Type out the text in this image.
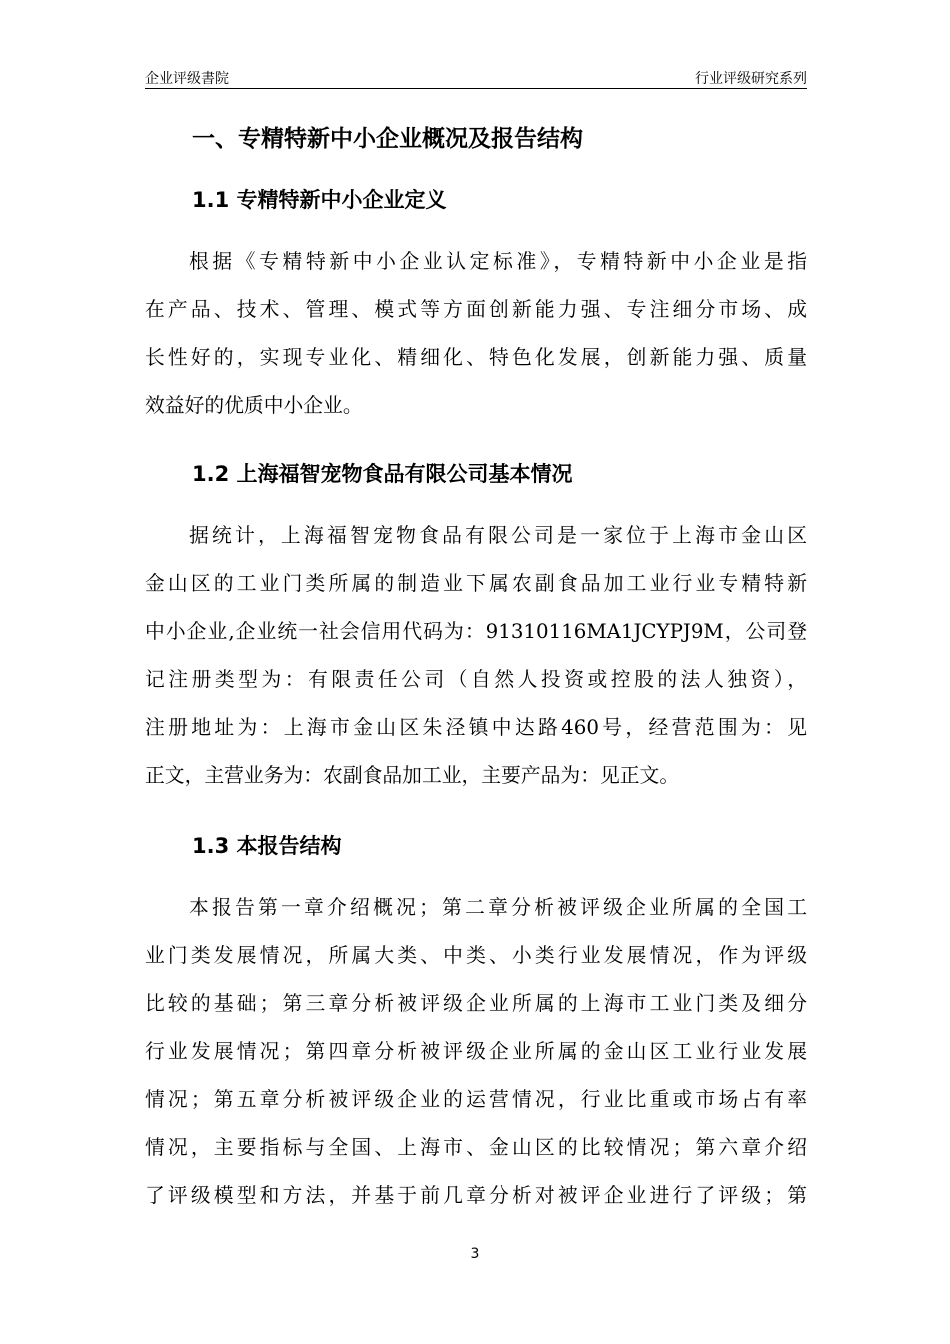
企业评级書院	行业评级研究系列
一、专精特新中小企业概况及报告结构
1.1 专精特新中小企业定义
根据《专精特新中小企业认定标准》，专精特新中小企业是指
在产品、技术、管理、模式等方面创新能力强、专注细分市场、成
长性好的，实现专业化、精细化、特色化发展，创新能力强、质量
效益好的优质中小企业。
1.2 上海福智宠物食品有限公司基本情况
据统计，上海福智宠物食品有限公司是一家位于上海市金山区
金山区的工业门类所属的制造业下属农副食品加工业行业专精特新
中小企业,企业统一社会信用代码为：91310116MA1JCYPJ9M，公司登
记注册类型为：有限责任公司（自然人投资或控股的法人独资），
注册地址为：上海市金山区朱泾镇中达路460号，经营范围为：见
正文，主营业务为：农副食品加工业，主要产品为：见正文。
1.3 本报告结构
本报告第一章介绍概况；第二章分析被评级企业所属的全国工
业门类发展情况，所属大类、中类、小类行业发展情况，作为评级
比较的基础；第三章分析被评级企业所属的上海市工业门类及细分
行业发展情况；第四章分析被评级企业所属的金山区工业行业发展
情况；第五章分析被评级企业的运营情况，行业比重或市场占有率
情况，主要指标与全国、上海市、金山区的比较情况；第六章介绍
了评级模型和方法，并基于前几章分析对被评企业进行了评级；第
3
